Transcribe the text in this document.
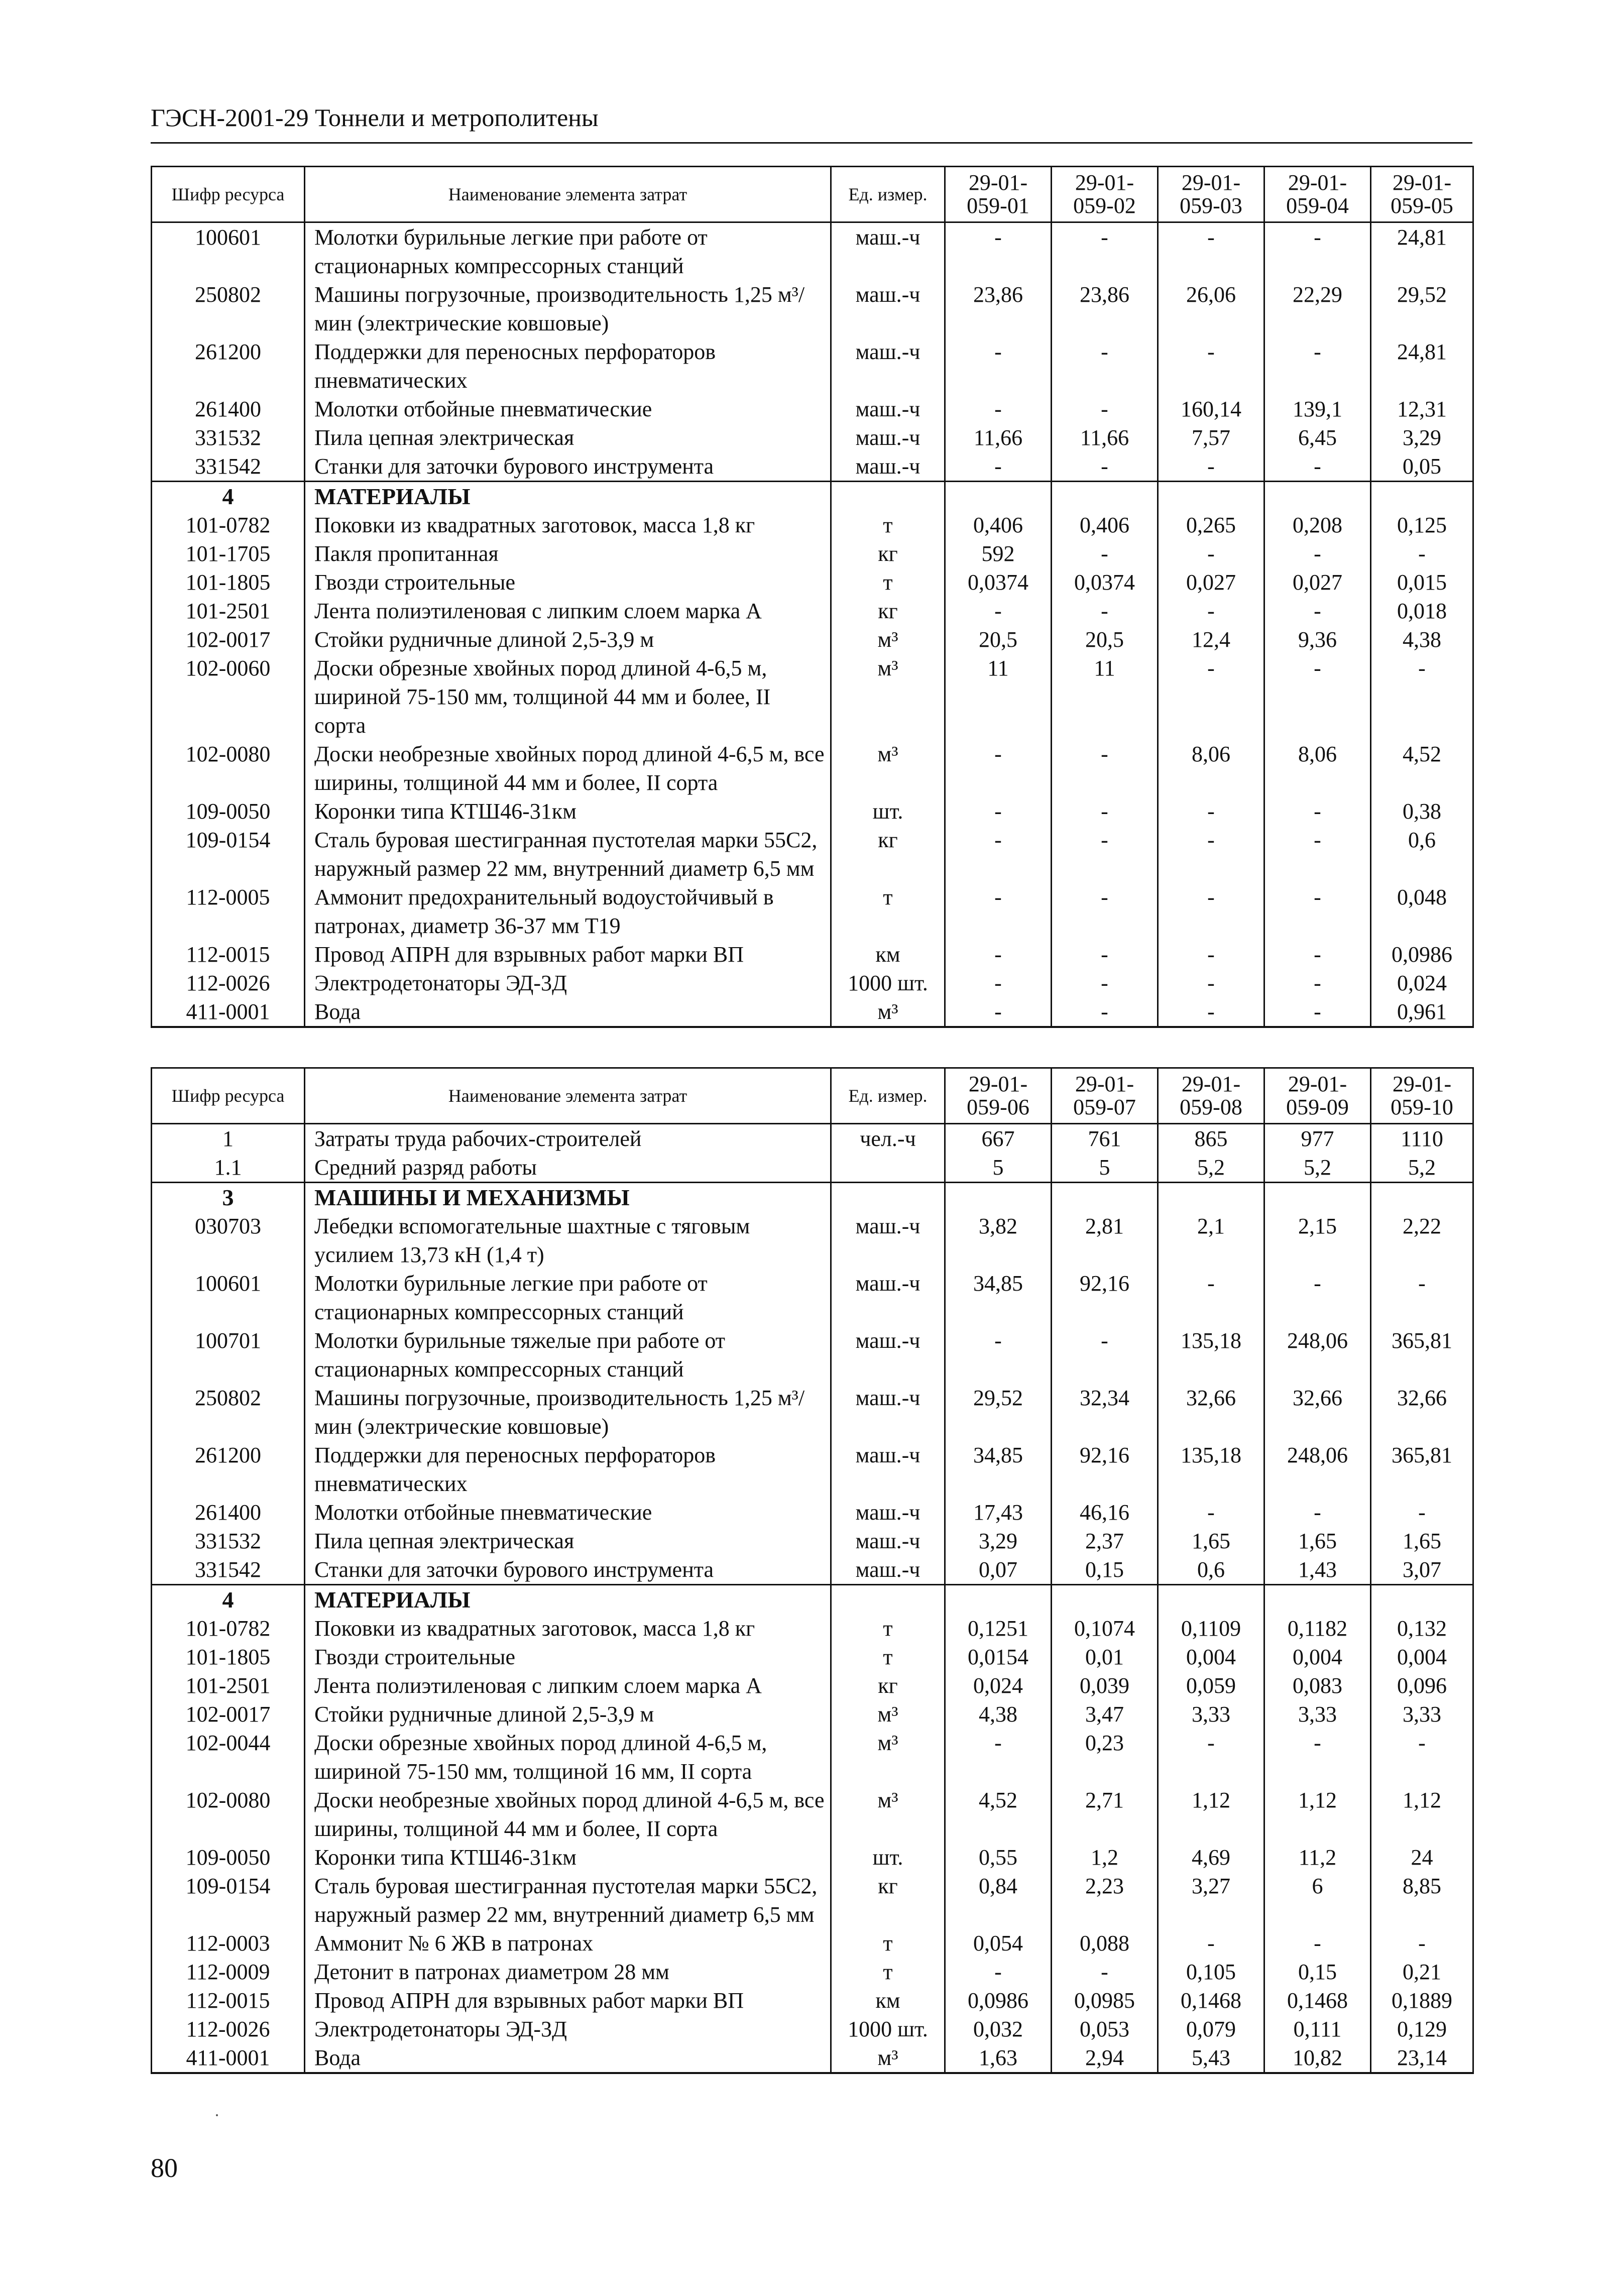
ГЭСН-2001-29 Тоннели и метрополитены
Шифр ресурса	Наименование элемента затрат	Ед. измер.	29-01-059-01	29-01-059-02	29-01-059-03	29-01-059-04	29-01-059-05
100601	Молотки бурильные легкие при работе от стационарных компрессорных станций	маш.-ч	-	-	-	-	24,81
250802	Машины погрузочные, производительность 1,25 м³/мин (электрические ковшовые)	маш.-ч	23,86	23,86	26,06	22,29	29,52
261200	Поддержки для переносных перфораторов пневматических	маш.-ч	-	-	-	-	24,81
261400	Молотки отбойные пневматические	маш.-ч	-	-	160,14	139,1	12,31
331532	Пила цепная электрическая	маш.-ч	11,66	11,66	7,57	6,45	3,29
331542	Станки для заточки бурового инструмента	маш.-ч	-	-	-	-	0,05
4	МАТЕРИАЛЫ						
101-0782	Поковки из квадратных заготовок, масса 1,8 кг	т	0,406	0,406	0,265	0,208	0,125
101-1705	Пакля пропитанная	кг	592	-	-	-	-
101-1805	Гвозди строительные	т	0,0374	0,0374	0,027	0,027	0,015
101-2501	Лента полиэтиленовая с липким слоем марка А	кг	-	-	-	-	0,018
102-0017	Стойки рудничные длиной 2,5-3,9 м	м³	20,5	20,5	12,4	9,36	4,38
102-0060	Доски обрезные хвойных пород длиной 4-6,5 м, шириной 75-150 мм, толщиной 44 мм и более, II сорта	м³	11	11	-	-	-
102-0080	Доски необрезные хвойных пород длиной 4-6,5 м, все ширины, толщиной 44 мм и более, II сорта	м³	-	-	8,06	8,06	4,52
109-0050	Коронки типа КТШ46-31км	шт.	-	-	-	-	0,38
109-0154	Сталь буровая шестигранная пустотелая марки 55С2, наружный размер 22 мм, внутренний диаметр 6,5 мм	кг	-	-	-	-	0,6
112-0005	Аммонит предохранительный водоустойчивый в патронах, диаметр 36-37 мм Т19	т	-	-	-	-	0,048
112-0015	Провод АПРН для взрывных работ марки ВП	км	-	-	-	-	0,0986
112-0026	Электродетонаторы ЭД-3Д	1000 шт.	-	-	-	-	0,024
411-0001	Вода	м³	-	-	-	-	0,961
Шифр ресурса	Наименование элемента затрат	Ед. измер.	29-01-059-06	29-01-059-07	29-01-059-08	29-01-059-09	29-01-059-10
1	Затраты труда рабочих-строителей	чел.-ч	667	761	865	977	1110
1.1	Средний разряд работы		5	5	5,2	5,2	5,2
3	МАШИНЫ И МЕХАНИЗМЫ						
030703	Лебедки вспомогательные шахтные с тяговым усилием 13,73 кН (1,4 т)	маш.-ч	3,82	2,81	2,1	2,15	2,22
100601	Молотки бурильные легкие при работе от стационарных компрессорных станций	маш.-ч	34,85	92,16	-	-	-
100701	Молотки бурильные тяжелые при работе от стационарных компрессорных станций	маш.-ч	-	-	135,18	248,06	365,81
250802	Машины погрузочные, производительность 1,25 м³/мин (электрические ковшовые)	маш.-ч	29,52	32,34	32,66	32,66	32,66
261200	Поддержки для переносных перфораторов пневматических	маш.-ч	34,85	92,16	135,18	248,06	365,81
261400	Молотки отбойные пневматические	маш.-ч	17,43	46,16	-	-	-
331532	Пила цепная электрическая	маш.-ч	3,29	2,37	1,65	1,65	1,65
331542	Станки для заточки бурового инструмента	маш.-ч	0,07	0,15	0,6	1,43	3,07
4	МАТЕРИАЛЫ						
101-0782	Поковки из квадратных заготовок, масса 1,8 кг	т	0,1251	0,1074	0,1109	0,1182	0,132
101-1805	Гвозди строительные	т	0,0154	0,01	0,004	0,004	0,004
101-2501	Лента полиэтиленовая с липким слоем марка А	кг	0,024	0,039	0,059	0,083	0,096
102-0017	Стойки рудничные длиной 2,5-3,9 м	м³	4,38	3,47	3,33	3,33	3,33
102-0044	Доски обрезные хвойных пород длиной 4-6,5 м, шириной 75-150 мм, толщиной 16 мм, II сорта	м³	-	0,23	-	-	-
102-0080	Доски необрезные хвойных пород длиной 4-6,5 м, все ширины, толщиной 44 мм и более, II сорта	м³	4,52	2,71	1,12	1,12	1,12
109-0050	Коронки типа КТШ46-31км	шт.	0,55	1,2	4,69	11,2	24
109-0154	Сталь буровая шестигранная пустотелая марки 55С2, наружный размер 22 мм, внутренний диаметр 6,5 мм	кг	0,84	2,23	3,27	6	8,85
112-0003	Аммонит № 6 ЖВ в патронах	т	0,054	0,088	-	-	-
112-0009	Детонит в патронах диаметром 28 мм	т	-	-	0,105	0,15	0,21
112-0015	Провод АПРН для взрывных работ марки ВП	км	0,0986	0,0985	0,1468	0,1468	0,1889
112-0026	Электродетонаторы ЭД-3Д	1000 шт.	0,032	0,053	0,079	0,111	0,129
411-0001	Вода	м³	1,63	2,94	5,43	10,82	23,14
80
